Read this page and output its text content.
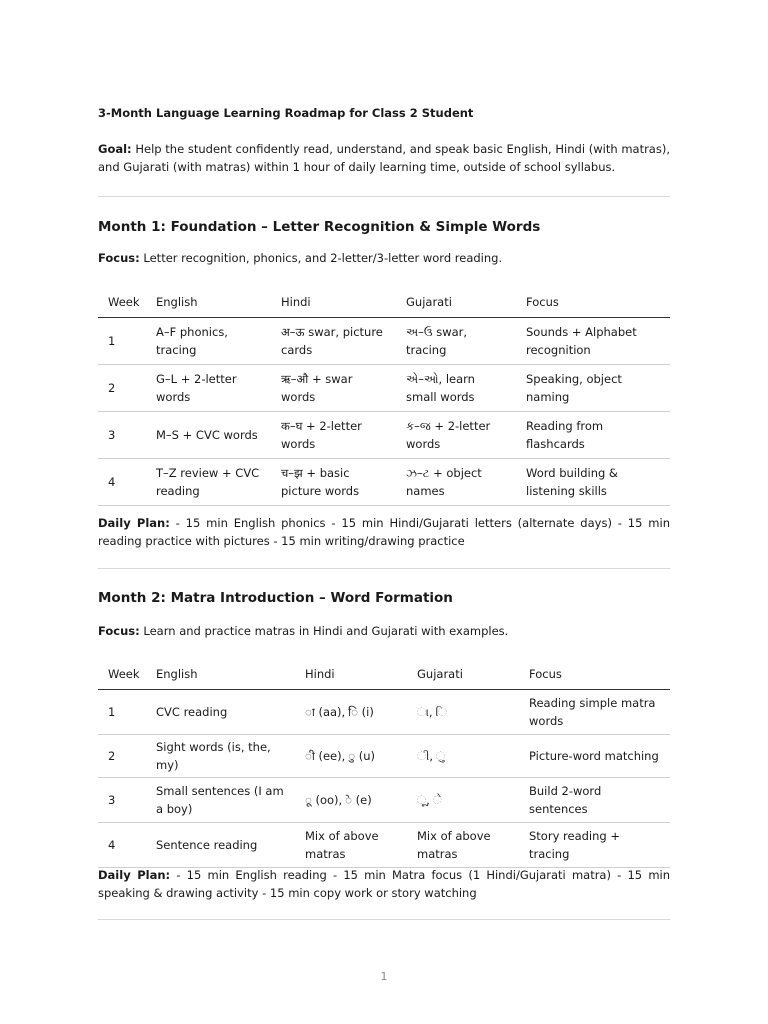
3-Month Language Learning Roadmap for Class 2 Student
Goal: Help the student confidently read, understand, and speak basic English, Hindi (with matras), and Gujarati (with matras) within 1 hour of daily learning time, outside of school syllabus.
Month 1: Foundation – Letter Recognition & Simple Words
Focus: Letter recognition, phonics, and 2-letter/3-letter word reading.
Week	English	Hindi	Gujarati	Focus
1	A–F phonics, tracing	अ–ऊ swar, picture cards	અ–ઉ swar, tracing	Sounds + Alphabet recognition
2	G–L + 2-letter words	ऋ–औ + swar words	એ–ઓ, learn small words	Speaking, object naming
3	M–S + CVC words	क–घ + 2-letter words	ક–જ + 2-letter words	Reading from flashcards
4	T–Z review + CVC reading	च–झ + basic picture words	ઝ–ટ + object names	Word building & listening skills
Daily Plan: - 15 min English phonics - 15 min Hindi/Gujarati letters (alternate days) - 15 min reading practice with pictures - 15 min writing/drawing practice
Month 2: Matra Introduction – Word Formation
Focus: Learn and practice matras in Hindi and Gujarati with examples.
Week	English	Hindi	Gujarati	Focus
1	CVC reading	ा (aa), ि (i)	ા, િ	Reading simple matra words
2	Sight words (is, the, my)	ी (ee), ु (u)	ી, ુ	Picture-word matching
3	Small sentences (I am a boy)	ू (oo), े (e)	ૂ, ે	Build 2-word sentences
4	Sentence reading	Mix of above matras	Mix of above matras	Story reading + tracing
Daily Plan: - 15 min English reading - 15 min Matra focus (1 Hindi/Gujarati matra) - 15 min speaking & drawing activity - 15 min copy work or story watching
1
